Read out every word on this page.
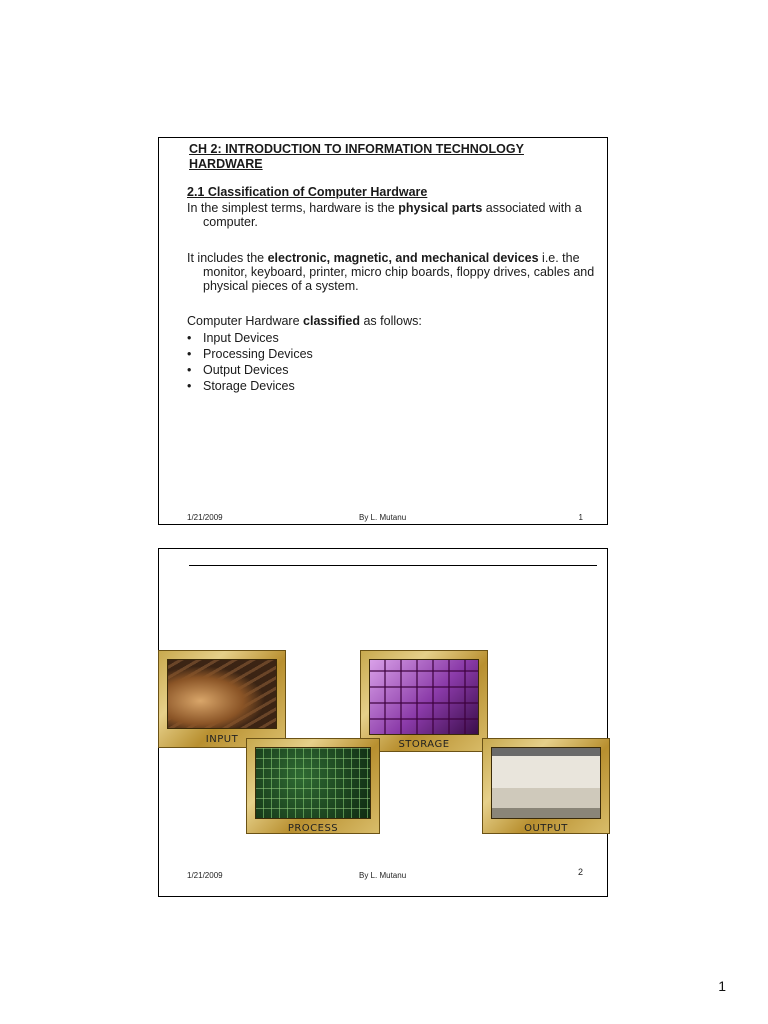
CH 2: INTRODUCTION TO INFORMATION TECHNOLOGY HARDWARE
2.1 Classification of Computer Hardware
In the simplest terms, hardware is the physical parts associated with a computer.
It includes the electronic, magnetic, and mechanical devices i.e. the monitor, keyboard, printer, micro chip boards, floppy drives, cables and physical pieces of a system.
Computer Hardware classified as follows:
• Input Devices
• Processing Devices
• Output Devices
• Storage Devices
1/21/2009	By L. Mutanu	1
1/21/2009	By L. Mutanu	2
INPUT	STORAGE
PROCESS	OUTPUT
1
